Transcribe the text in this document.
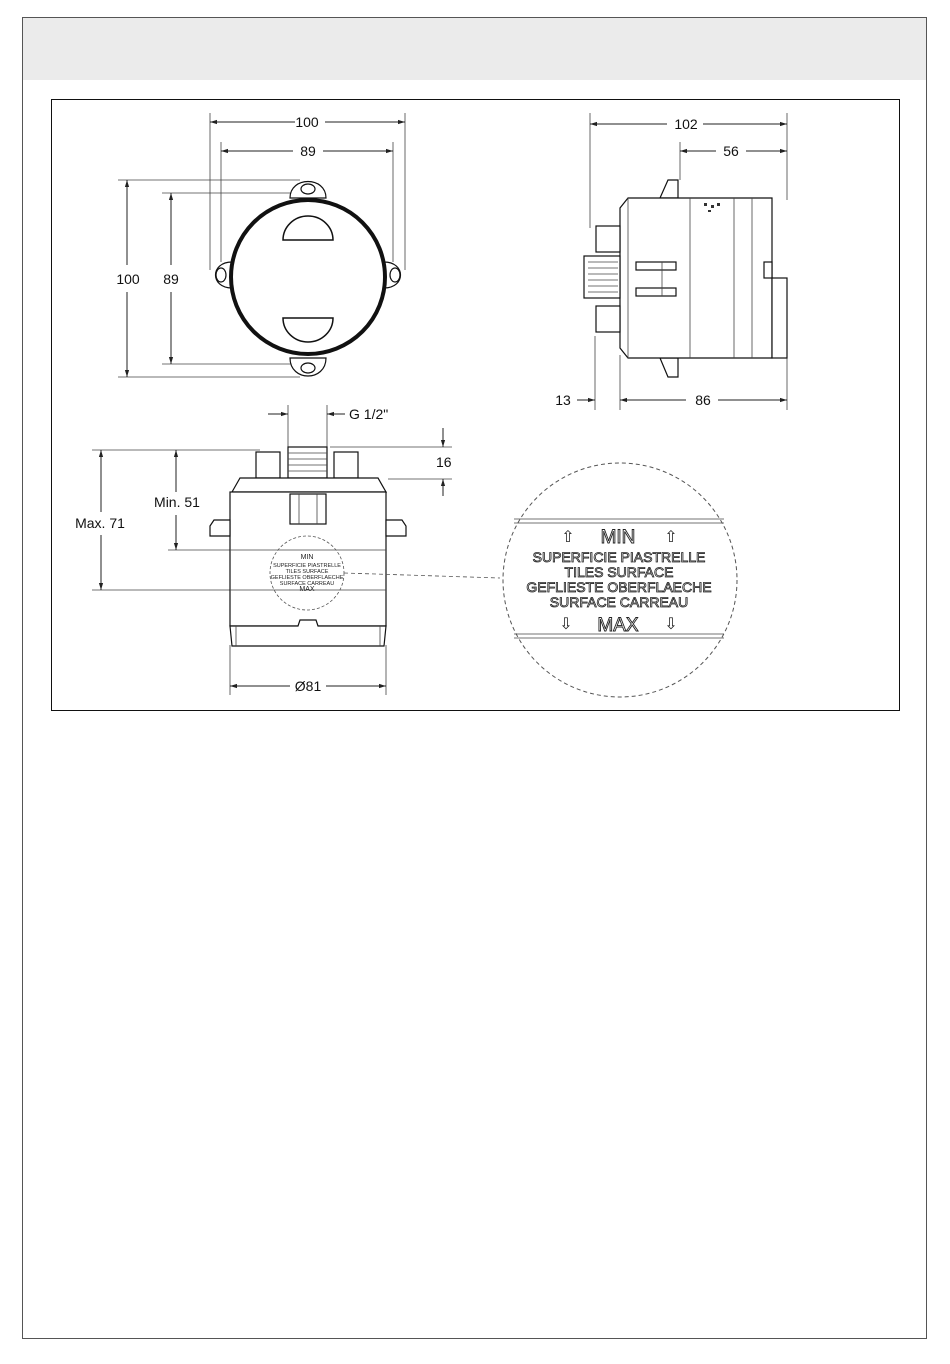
100
89
100 89
102
56
13	86
G 1/2"
16
Min. 51
Max. 71
Ø81
MIN
SUPERFICIE PIASTRELLE
TILES SURFACE
GEFLIESTE OBERFLAECHE
SURFACE CARREAU
MAX
⇧	⇧
MIN
SUPERFICIE PIASTRELLE
TILES SURFACE
GEFLIESTE OBERFLAECHE
SURFACE CARREAU
⇩	⇩
MAX
